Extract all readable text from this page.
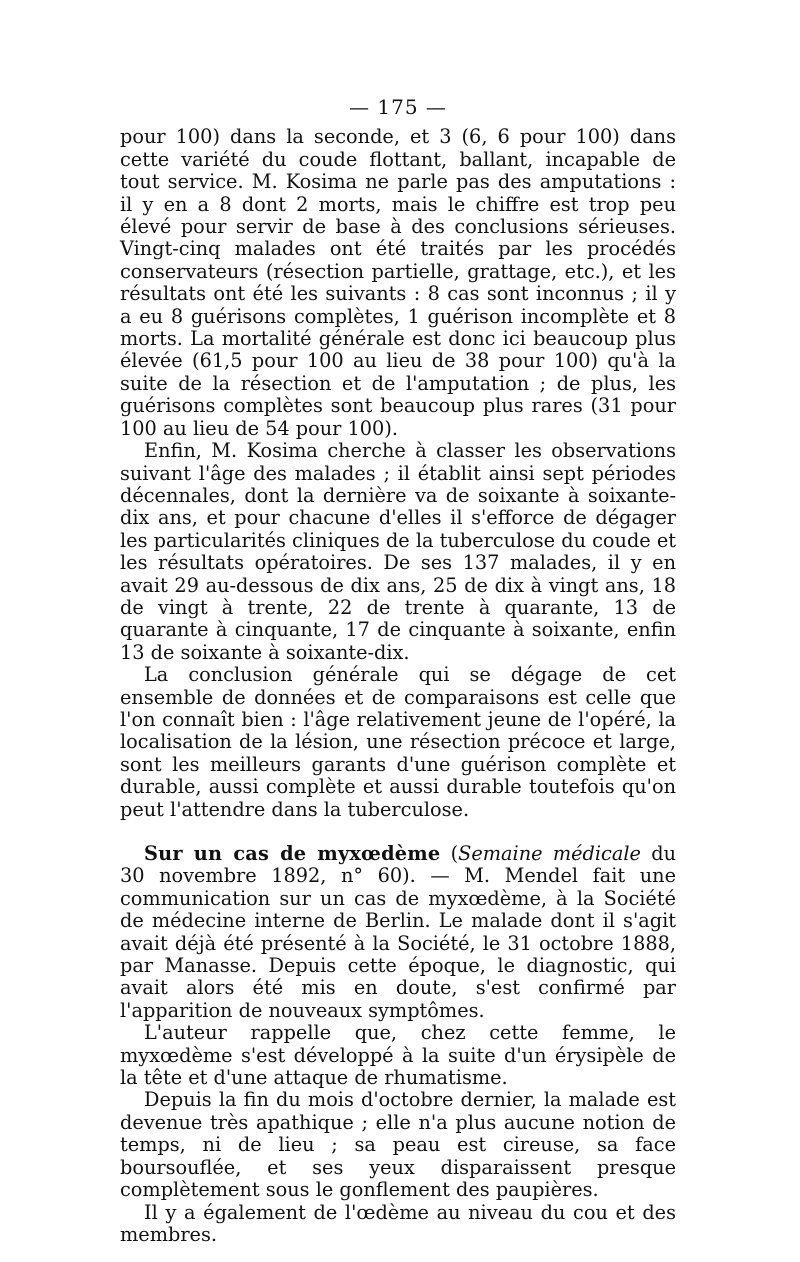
— 175 —

pour 100) dans la seconde, et 3 (6, 6 pour 100) dans cette variété du coude flottant, ballant, incapable de tout service. M. Kosima ne parle pas des amputations : il y en a 8 dont 2 morts, mais le chiffre est trop peu élevé pour servir de base à des conclusions sérieuses. Vingt-cinq malades ont été traités par les procédés conservateurs (résection partielle, grattage, etc.), et les résultats ont été les suivants : 8 cas sont inconnus ; il y a eu 8 guérisons complètes, 1 guérison incomplète et 8 morts. La mortalité générale est donc ici beaucoup plus élevée (61,5 pour 100 au lieu de 38 pour 100) qu'à la suite de la résection et de l'amputation ; de plus, les guérisons complètes sont beaucoup plus rares (31 pour 100 au lieu de 54 pour 100).

Enfin, M. Kosima cherche à classer les observations suivant l'âge des malades ; il établit ainsi sept périodes décennales, dont la dernière va de soixante à soixante-dix ans, et pour chacune d'elles il s'efforce de dégager les particularités cliniques de la tuberculose du coude et les résultats opératoires. De ses 137 malades, il y en avait 29 au-dessous de dix ans, 25 de dix à vingt ans, 18 de vingt à trente, 22 de trente à quarante, 13 de quarante à cinquante, 17 de cinquante à soixante, enfin 13 de soixante à soixante-dix.

La conclusion générale qui se dégage de cet ensemble de données et de comparaisons est celle que l'on connaît bien : l'âge relativement jeune de l'opéré, la localisation de la lésion, une résection précoce et large, sont les meilleurs garants d'une guérison complète et durable, aussi complète et aussi durable toutefois qu'on peut l'attendre dans la tuberculose.

Sur un cas de myxœdème (Semaine médicale du 30 novembre 1892, n° 60). — M. Mendel fait une communication sur un cas de myxœdème, à la Société de médecine interne de Berlin. Le malade dont il s'agit avait déjà été présenté à la Société, le 31 octobre 1888, par Manasse. Depuis cette époque, le diagnostic, qui avait alors été mis en doute, s'est confirmé par l'apparition de nouveaux symptômes.

L'auteur rappelle que, chez cette femme, le myxœdème s'est développé à la suite d'un érysipèle de la tête et d'une attaque de rhumatisme.

Depuis la fin du mois d'octobre dernier, la malade est devenue très apathique ; elle n'a plus aucune notion de temps, ni de lieu ; sa peau est cireuse, sa face boursouflée, et ses yeux disparaissent presque complètement sous le gonflement des paupières.

Il y a également de l'œdème au niveau du cou et des membres.
